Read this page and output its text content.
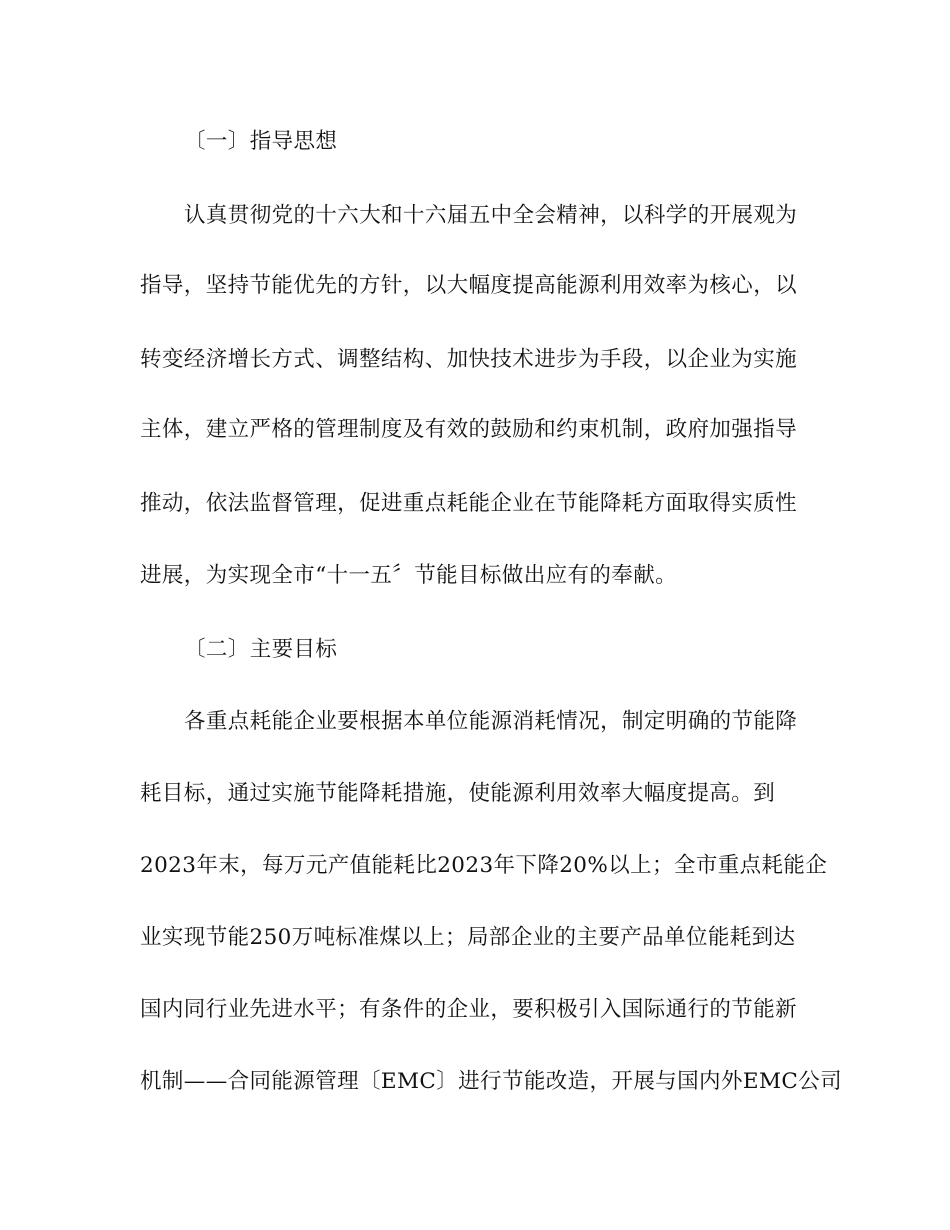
〔一〕指导思想
认真贯彻党的十六大和十六届五中全会精神，以科学的开展观为
指导，坚持节能优先的方针，以大幅度提高能源利用效率为核心，以
转变经济增长方式、调整结构、加快技术进步为手段，以企业为实施
主体，建立严格的管理制度及有效的鼓励和约束机制，政府加强指导
推动，依法监督管理，促进重点耗能企业在节能降耗方面取得实质性
进展，为实现全市“十一五〞节能目标做出应有的奉献。
〔二〕主要目标
各重点耗能企业要根据本单位能源消耗情况，制定明确的节能降
耗目标，通过实施节能降耗措施，使能源利用效率大幅度提高。到
2023年末，每万元产值能耗比2023年下降20%以上；全市重点耗能企
业实现节能250万吨标准煤以上；局部企业的主要产品单位能耗到达
国内同行业先进水平；有条件的企业，要积极引入国际通行的节能新
机制——合同能源管理〔EMC〕进行节能改造，开展与国内外EMC公司
